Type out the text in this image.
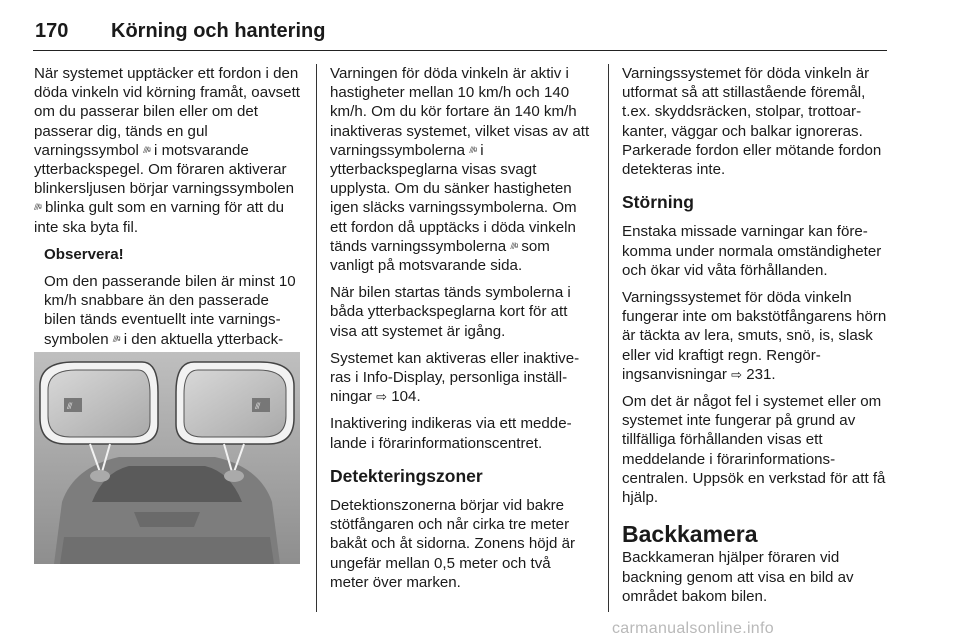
170 Körning och hantering

När systemet upptäcker ett fordon i den döda vinkeln vid körning framåt, oavsett om du passerar bilen eller om det passerar dig, tänds en gul varningssymbol ⫻ᵍ i motsvarande ytterbackspegel. Om föraren aktiverar blinkersljusen börjar varningssymbolen ⫻ᵍ blinka gult som en varning för att du inte ska byta fil.

Observera!

Om den passerande bilen är minst 10 km/h snabbare än den passerade bilen tänds eventuellt inte varningssymbolen ⫻ᵍ i den aktuella ytterback

⫻	⫻

Varningen för döda vinkeln är aktiv i hastigheter mellan 10 km/h och 140 km/h. Om du kör fortare än 140 km/h inaktiveras systemet, vilket visas av att varningssymbolerna ⫻ᵍ i ytterbackspeglarna visas svagt upplysta. Om du sänker hastigheten igen släcks varningssymbolerna. Om ett fordon då upptäcks i döda vinkeln tänds varningssymbolerna ⫻ᵍ som vanligt på motsvarande sida.

När bilen startas tänds symbolerna i båda ytterbackspeglarna kort för att visa att systemet är igång.

Systemet kan aktiveras eller inaktiveras i Info-Display, personliga inställningar ⇨ 104.

Inaktivering indikeras via ett meddelande i förarinformationscentret.

Detekteringszoner

Detektionszonerna börjar vid bakre stötfångaren och når cirka tre meter bakåt och åt sidorna. Zonens höjd är ungefär mellan 0,5 meter och två meter över marken.

Varningssystemet för döda vinkeln är utformat så att stillastående föremål, t.ex. skyddsräcken, stolpar, trottoarkanter, väggar och balkar ignoreras. Parkerade fordon eller mötande fordon detekteras inte.

Störning

Enstaka missade varningar kan förekomma under normala omständigheter och ökar vid våta förhållanden.

Varningssystemet för döda vinkeln fungerar inte om bakstötfångarens hörn är täckta av lera, smuts, snö, is, slask eller vid kraftigt regn. Rengöringsanvisningar ⇨ 231.

Om det är något fel i systemet eller om systemet inte fungerar på grund av tillfälliga förhållanden visas ett meddelande i förarinformationscentralen. Uppsök en verkstad för att få hjälp.

Backkamera

Backkameran hjälper föraren vid backning genom att visa en bild av området bakom bilen.

carmanualsonline.info
